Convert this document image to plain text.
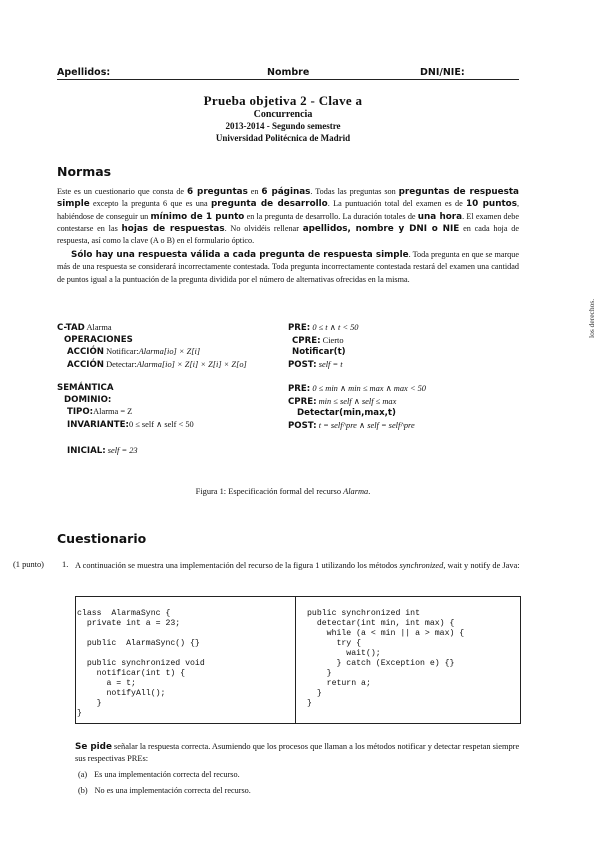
Apellidos:	Nombre	DNI/NIE:
Prueba objetiva 2 - Clave a
Concurrencia
2013-2014 - Segundo semestre
Universidad Politécnica de Madrid
los derechos.
Normas
Este es un cuestionario que consta de 6 preguntas en 6 páginas. Todas las preguntas son preguntas de respuesta simple excepto la pregunta 6 que es una pregunta de desarrollo. La puntuación total del examen es de 10 puntos, habiéndose de conseguir un mínimo de 1 punto en la pregunta de desarrollo. La duración totales de una hora. El examen debe contestarse en las hojas de respuestas. No olvidéis rellenar apellidos, nombre y DNI o NIE en cada hoja de respuesta, así como la clave (A o B) en el formulario óptico.
Sólo hay una respuesta válida a cada pregunta de respuesta simple. Toda pregunta en que se marque más de una respuesta se considerará incorrectamente contestada. Toda pregunta incorrectamente contestada restará del examen una cantidad de puntos igual a la puntuación de la pregunta dividida por el número de alternativas ofrecidas en la misma.
C-TAD Alarma
OPERACIONES
ACCIÓN Notificar:Alarma[io] × Z[i]
ACCIÓN Detectar:Alarma[io] × Z[i] × Z[i] × Z[o]
SEMÁNTICA
DOMINIO:
TIPO:Alarma = Z
INVARIANTE:0 ≤ self ∧ self < 50
INICIAL: self = 23
PRE: 0 ≤ t ∧ t < 50
CPRE: Cierto
Notificar(t)
POST: self = t
PRE: 0 ≤ min ∧ min ≤ max ∧ max < 50
CPRE: min ≤ self ∧ self ≤ max
Detectar(min,max,t)
POST: t = self^pre ∧ self = self^pre
Figura 1: Especificación formal del recurso Alarma.
Cuestionario
(1 punto) 1. A continuación se muestra una implementación del recurso de la figura 1 utilizando los métodos synchronized, wait y notify de Java:
class  AlarmaSync {
private int a = 23;

public  AlarmaSync() {}

public synchronized void
notificar(int t) {
a = t;
notifyAll();
}
}
public synchronized int
detectar(int min, int max) {
while (a < min || a > max) {
try {
wait();
} catch (Exception e) {}
}
return a;
}
}
Se pide señalar la respuesta correcta. Asumiendo que los procesos que llaman a los métodos notificar y detectar respetan siempre sus respectivas PREs:
(a) Es una implementación correcta del recurso.
(b) No es una implementación correcta del recurso.
